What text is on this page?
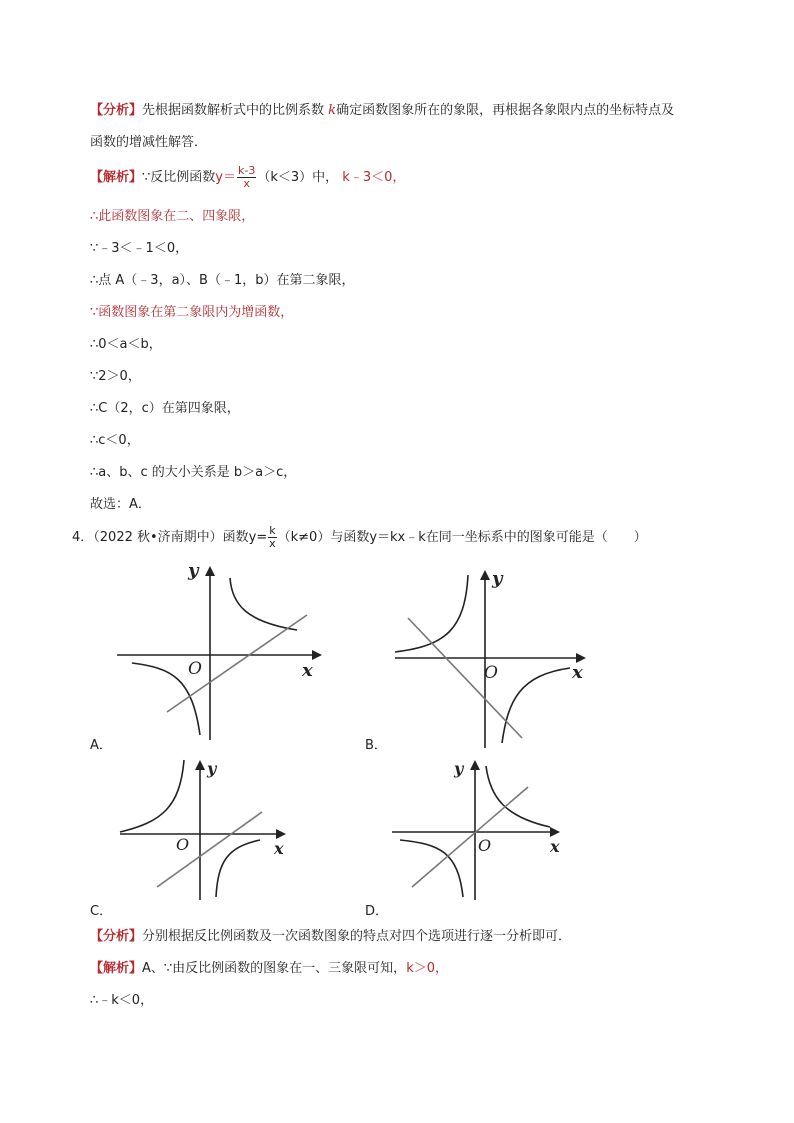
【分析】先根据函数解析式中的比例系数 k确定函数图象所在的象限，再根据各象限内点的坐标特点及
函数的增减性解答．
【解析】∵反比例函数$y= \frac{k-3}{x} (k<3)$中， k﹣3＜0，
∴此函数图象在二、四象限，
∵﹣3＜﹣1＜0，
∴点 A（﹣3，a）、B（﹣1，b）在第二象限，
∵函数图象在第二象限内为增函数，
∴0＜a＜b，
∵2＞0，
∴C（2，c）在第四象限，
∴c＜0，
∴a、b、c 的大小关系是 b＞a＞c，
故选：A．
4．（2022 秋•济南期中）函数$y= \frac{k}{x} (k\ne 0)$与函数y＝kx﹣k在同一坐标系中的图象可能是（　　）
y
x
O
A．
y
x
O
B．
y
x
O
C．
y
x
O
D．
【分析】分别根据反比例函数及一次函数图象的特点对四个选项进行逐一分析即可．
【解析】A、∵由反比例函数的图象在一、三象限可知，k＞0，
∴﹣k＜0，
